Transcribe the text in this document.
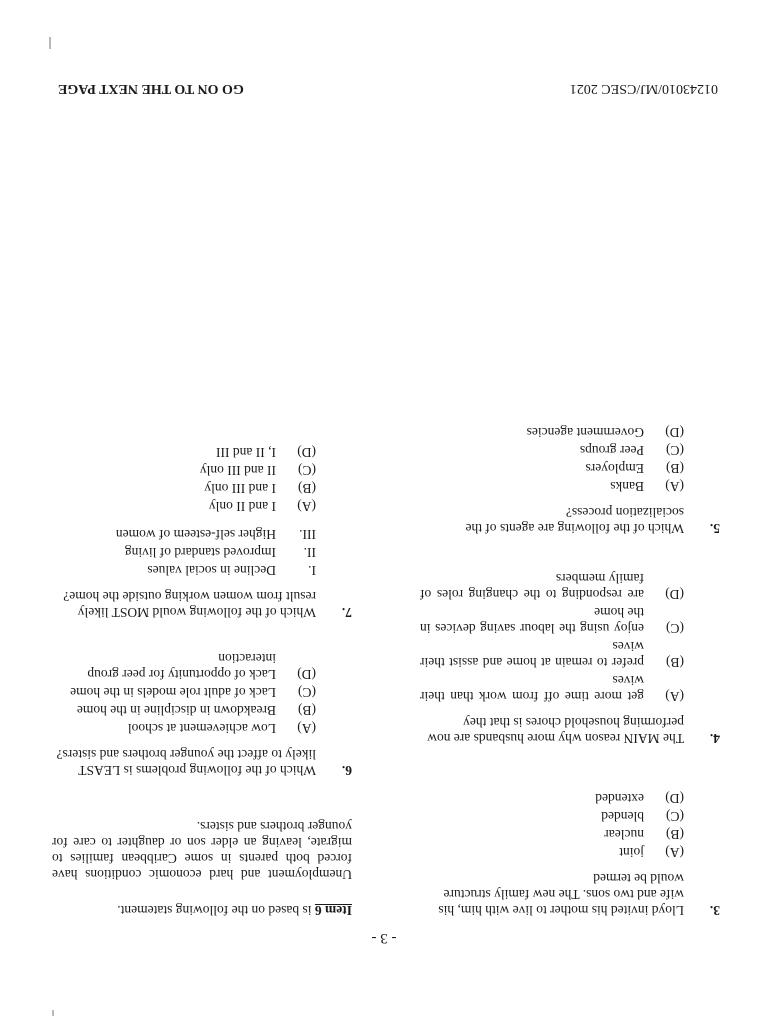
- 3 -
3.

Lloyd invited his mother to live with him, his wife and two sons. The new family structure would be termed

(A)
joint
(B)
nuclear
(C)
blended
(D)
extended
4.

The MAIN reason why more husbands are now performing household chores is that they

(A)
get more time off from work than their wives
(B)
prefer to remain at home and assist their wives
(C)
enjoy using the labour saving devices in the home
(D)
are responding to the changing roles of family members
5.

Which of the following are agents of the socialization process?

(A)
Banks
(B)
Employers
(C)
Peer groups
(D)
Government agencies

Item 6 is based on the following statement.

Unemployment and hard economic conditions have forced both parents in some Caribbean families to migrate, leaving an elder son or daughter to care for younger brothers and sisters.

6.

Which of the following problems is LEAST likely to affect the younger brothers and sisters?

(A)
Low achievement at school
(B)
Breakdown in discipline in the home
(C)
Lack of adult role models in the home
(D)
Lack of opportunity for peer group interaction
7.

Which of the following would MOST likely result from women working outside the home?

I.
Decline in social values
II.
Improved standard of living
III.
Higher self-esteem of women
(A)
I and II only
(B)
I and III only
(C)
II and III only
(D)
I, II and III
01243010/MJ/CSEC 2021
GO ON TO THE NEXT PAGE
